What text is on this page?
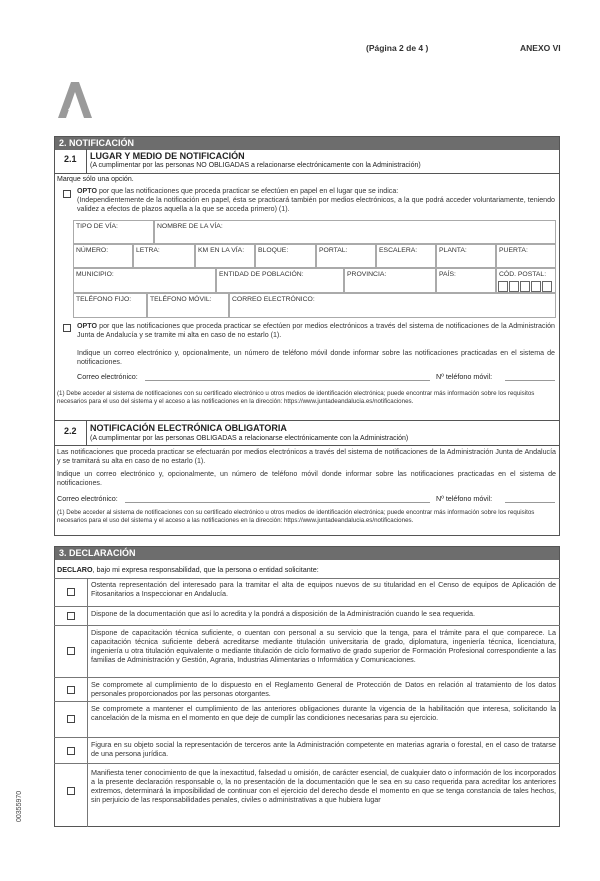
(Página 2 de 4 )	ANEXO VI
2. NOTIFICACIÓN
2.1 LUGAR Y MEDIO DE NOTIFICACIÓN
(A cumplimentar por las personas NO OBLIGADAS a relacionarse electrónicamente con la Administración)
Marque sólo una opción.
OPTO por que las notificaciones que proceda practicar se efectúen en papel en el lugar que se indica:
(Independientemente de la notificación en papel, ésta se practicará también por medios electrónicos, a la que podrá acceder voluntariamente, teniendo validez a efectos de plazos aquella a la que se acceda primero) (1).
TIPO DE VÍA:	NOMBRE DE LA VÍA:
NÚMERO:	LETRA:	KM EN LA VÍA:	BLOQUE:	PORTAL:	ESCALERA:	PLANTA:	PUERTA:
MUNICIPIO:	ENTIDAD DE POBLACIÓN:	PROVINCIA:	PAÍS:	CÓD. POSTAL:
TELÉFONO FIJO:	TELÉFONO MÓVIL:	CORREO ELECTRÓNICO:
OPTO por que las notificaciones que proceda practicar se efectúen por medios electrónicos a través del sistema de notificaciones de la Administración Junta de Andalucía y se tramite mi alta en caso de no estarlo (1).
Indique un correo electrónico y, opcionalmente, un número de teléfono móvil donde informar sobre las notificaciones practicadas en el sistema de notificaciones.
Correo electrónico:	Nº teléfono móvil:
(1) Debe acceder al sistema de notificaciones con su certificado electrónico u otros medios de identificación electrónica; puede encontrar más información sobre los requisitos necesarios para el uso del sistema y el acceso a las notificaciones en la dirección: https://www.juntadeandalucia.es/notificaciones.
2.2 NOTIFICACIÓN ELECTRÓNICA OBLIGATORIA
(A cumplimentar por las personas OBLIGADAS a relacionarse electrónicamente con la Administración)
Las notificaciones que proceda practicar se efectuarán por medios electrónicos a través del sistema de notificaciones de la Administración Junta de Andalucía y se tramitará su alta en caso de no estarlo (1).
Indique un correo electrónico y, opcionalmente, un número de teléfono móvil donde informar sobre las notificaciones practicadas en el sistema de notificaciones.
Correo electrónico:	Nº teléfono móvil:
(1) Debe acceder al sistema de notificaciones con su certificado electrónico u otros medios de identificación electrónica; puede encontrar más información sobre los requisitos necesarios para el uso del sistema y el acceso a las notificaciones en la dirección: https://www.juntadeandalucia.es/notificaciones.
3. DECLARACIÓN
DECLARO, bajo mi expresa responsabilidad, que la persona o entidad solicitante:
Ostenta representación del interesado para la tramitar el alta de equipos nuevos de su titularidad en el Censo de equipos de Aplicación de Fitosanitarios a Inspeccionar en Andalucía.
Dispone de la documentación que así lo acredita y la pondrá a disposición de la Administración cuando le sea requerida.
Dispone de capacitación técnica suficiente, o cuentan con personal a su servicio que la tenga, para el trámite para el que comparece. La capacitación técnica suficiente deberá acreditarse mediante titulación universitaria de grado, diplomatura, ingeniería técnica, licenciatura, ingeniería u otra titulación equivalente o mediante titulación de ciclo formativo de grado superior de Formación Profesional correspondiente a las familias de Administración y Gestión, Agraria, Industrias Alimentarias o Informática y Comunicaciones.
Se compromete al cumplimiento de lo dispuesto en el Reglamento General de Protección de Datos en relación al tratamiento de los datos personales proporcionados por las personas otorgantes.
Se compromete a mantener el cumplimiento de las anteriores obligaciones durante la vigencia de la habilitación que interesa, solicitando la cancelación de la misma en el momento en que deje de cumplir las condiciones necesarias para su ejercicio.
Figura en su objeto social la representación de terceros ante la Administración competente en materias agraria o forestal, en el caso de tratarse de una persona jurídica.
Manifiesta tener conocimiento de que la inexactitud, falsedad u omisión, de carácter esencial, de cualquier dato o información de los incorporados a la presente declaración responsable o, la no presentación de la documentación que le sea en su caso requerida para acreditar los anteriores extremos, determinará la imposibilidad de continuar con el ejercicio del derecho desde el momento en que se tenga constancia de tales hechos, sin perjuicio de las responsabilidades penales, civiles o administrativas a que hubiera lugar
00355970
